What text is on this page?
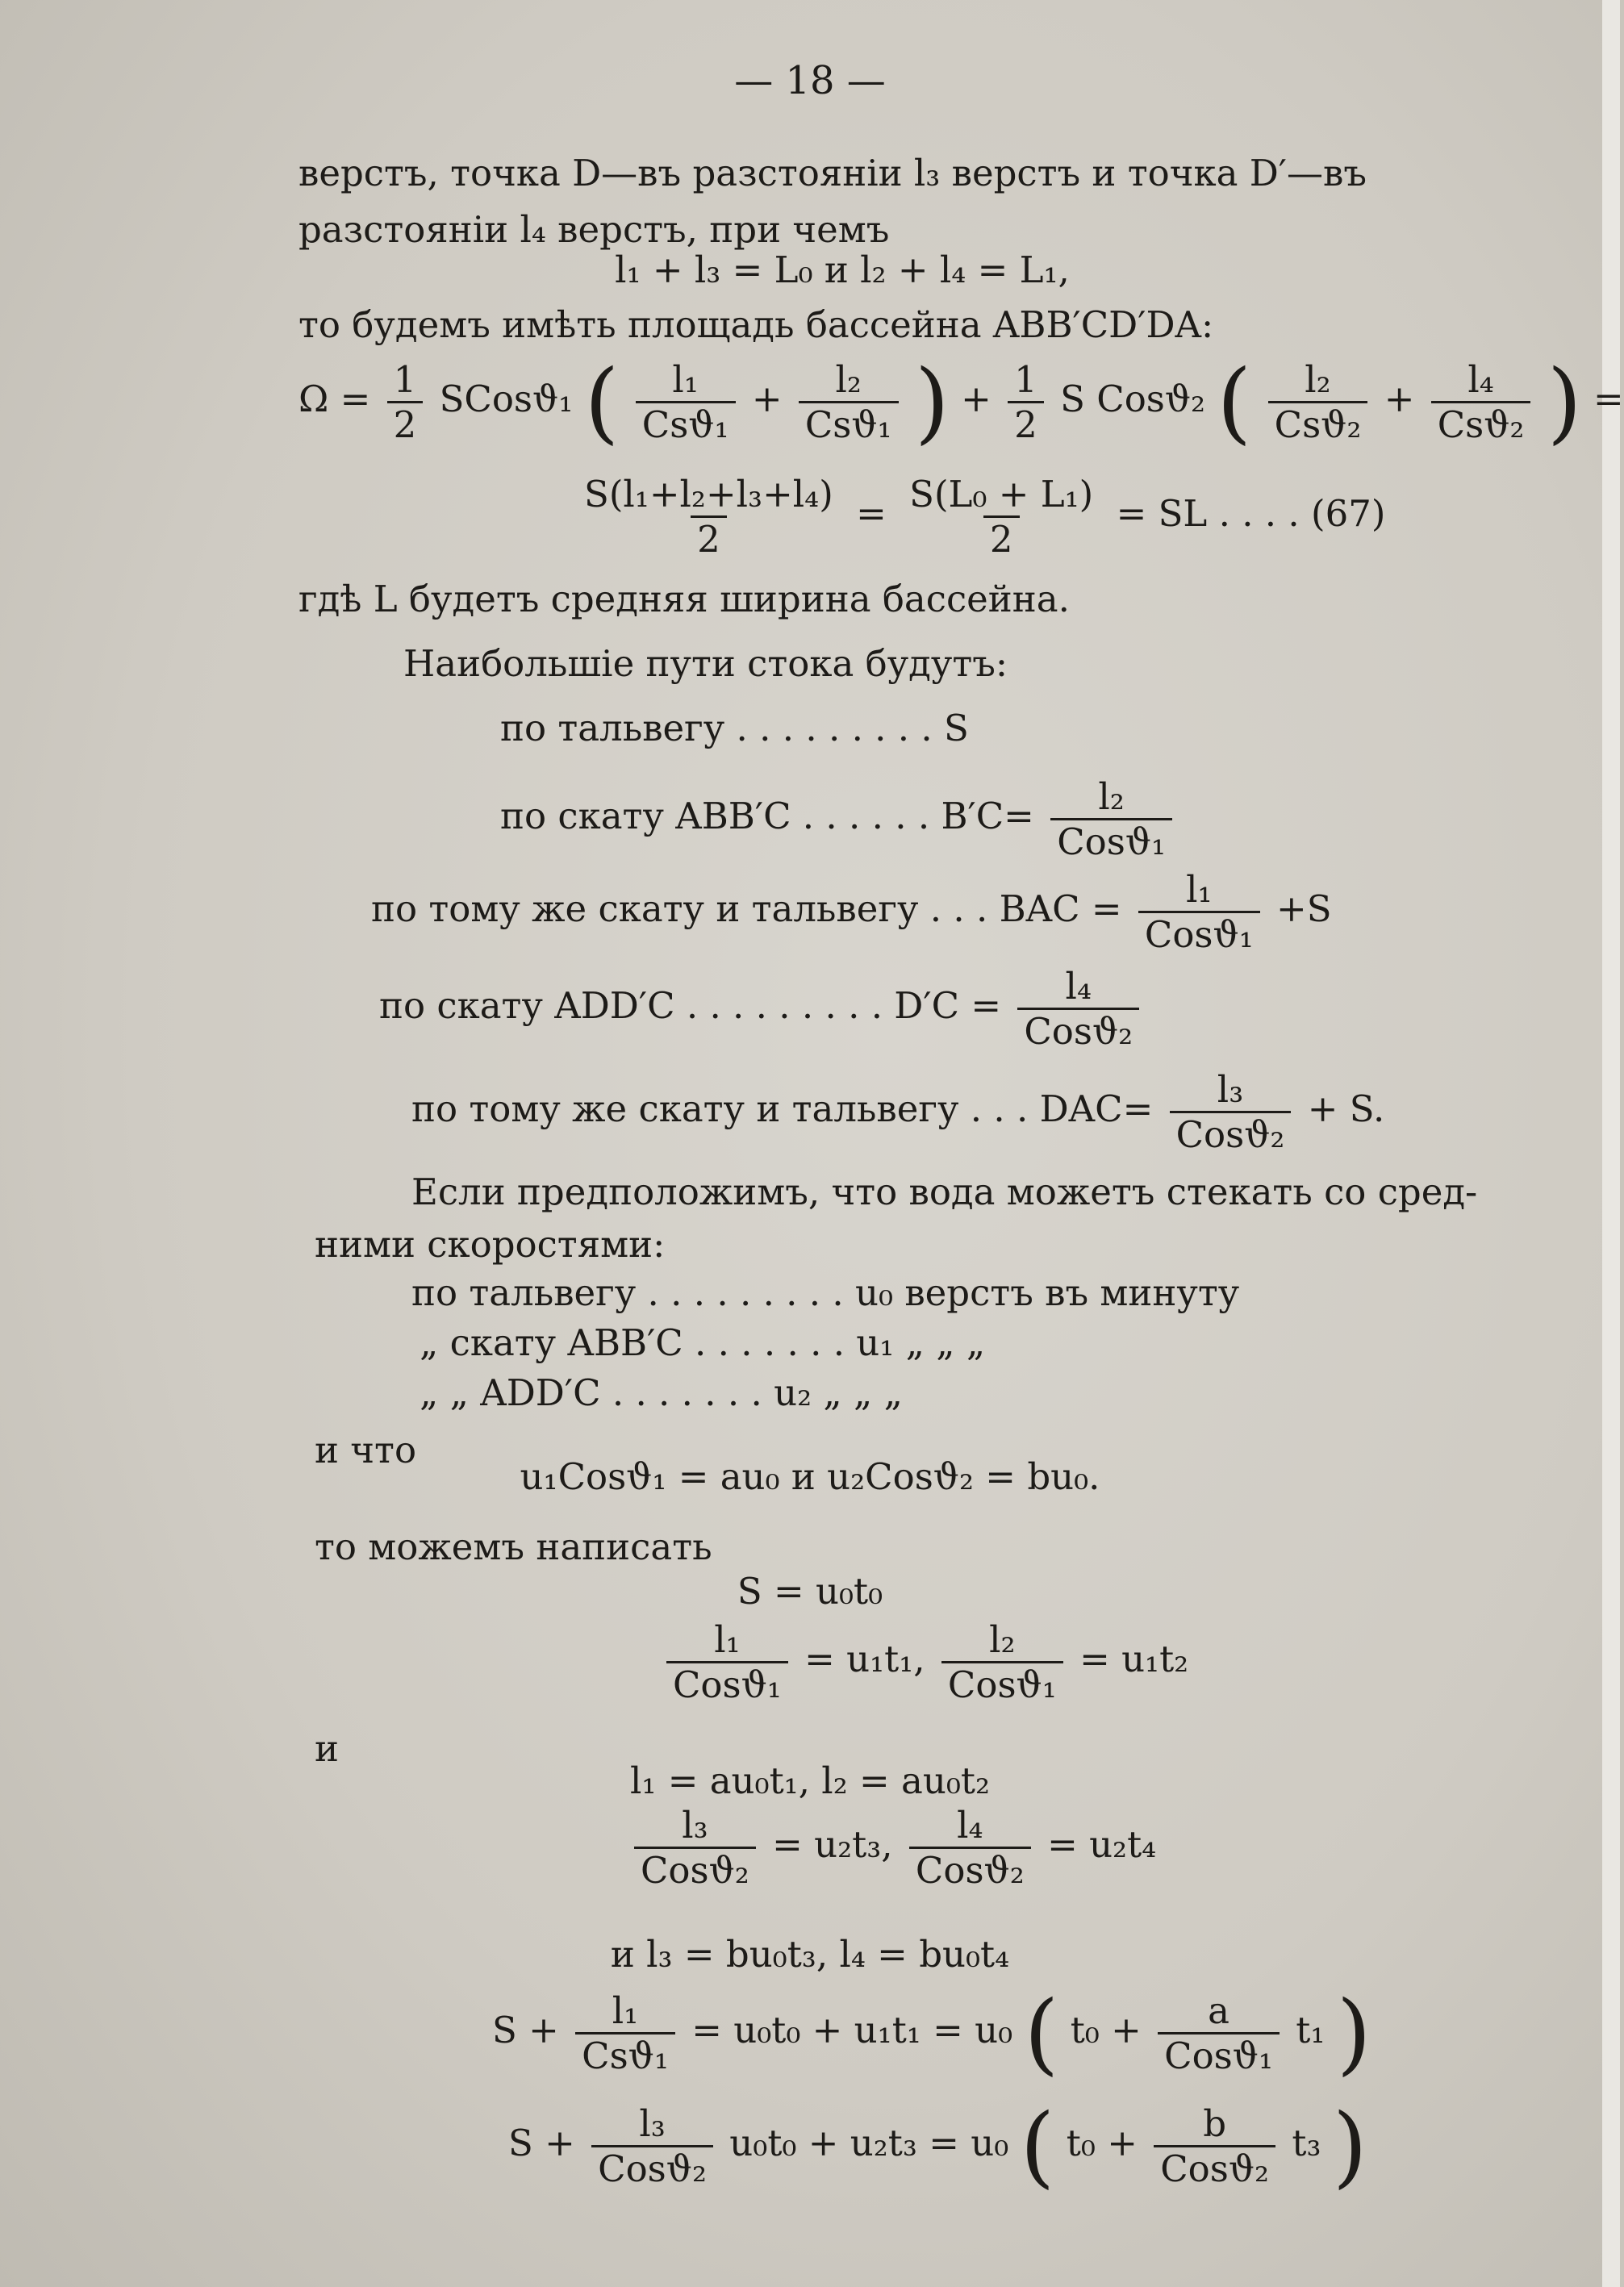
— 18 —
верстъ, точка D—въ разстояніи l₃ верстъ и точка D′—въ
разстояніи l₄ верстъ, при чемъ
l₁ + l₃ = L₀ и l₂ + l₄ = L₁,
то будемъ имѣть площадь бассейна ABB′CD′DA:
$\Omega = \frac{1}{2}$ SCosϑ₁ ( l₁
Csϑ₁
+ l₂
Csϑ₁ ) + $\frac{1}{2}$ S Cosϑ₂ ( l₂
Csϑ₂
+ l₄
Csϑ₂ ) =
$\frac{\text{S(l₁+l₂+l₃+l₄)}}{2} = \frac{\text{S(L₀ + L₁)}}{2}$ = SL . . . . (67)
гдѣ L будетъ средняя ширина бассейна.
Наибольшіе пути стока будутъ:
по тальвегу . . . . . . . . . S
по скату ABB′C . . . . . . B′C= l₂
Cosϑ₁
по тому же скату и тальвегу . . . BAC = l₁
Cosϑ₁
+S
по скату ADD′C . . . . . . . . . D′C = l₄
Cosϑ₂
по тому же скату и тальвегу . . . DAC= l₃
Cosϑ₂
+ S.
Если предположимъ, что вода можетъ стекать со сред-
ними скоростями:
по тальвегу . . . . . . . . . u₀ верстъ въ минуту
„ скату ABB′C . . . . . . . u₁ „ „ „
„ „ ADD′C . . . . . . . u₂ „ „ „
и что
u₁Cosϑ₁ = au₀ и u₂Cosϑ₂ = bu₀.
то можемъ написать
S = u₀t₀
l₁
Cosϑ₁
= u₁t₁, l₂
Cosϑ₁
= u₁t₂
и
l₁ = au₀t₁, l₂ = au₀t₂
l₃
Cosϑ₂
= u₂t₃, l₄
Cosϑ₂
= u₂t₄
и l₃ = bu₀t₃, l₄ = bu₀t₄
S + l₁
Csϑ₁
= u₀t₀ + u₁t₁ = u₀ ( t₀ + a
Cosϑ₁
t₁ )
S + l₃
Cosϑ₂
u₀t₀ + u₂t₃ = u₀ ( t₀ + b
Cosϑ₂
t₃ )
